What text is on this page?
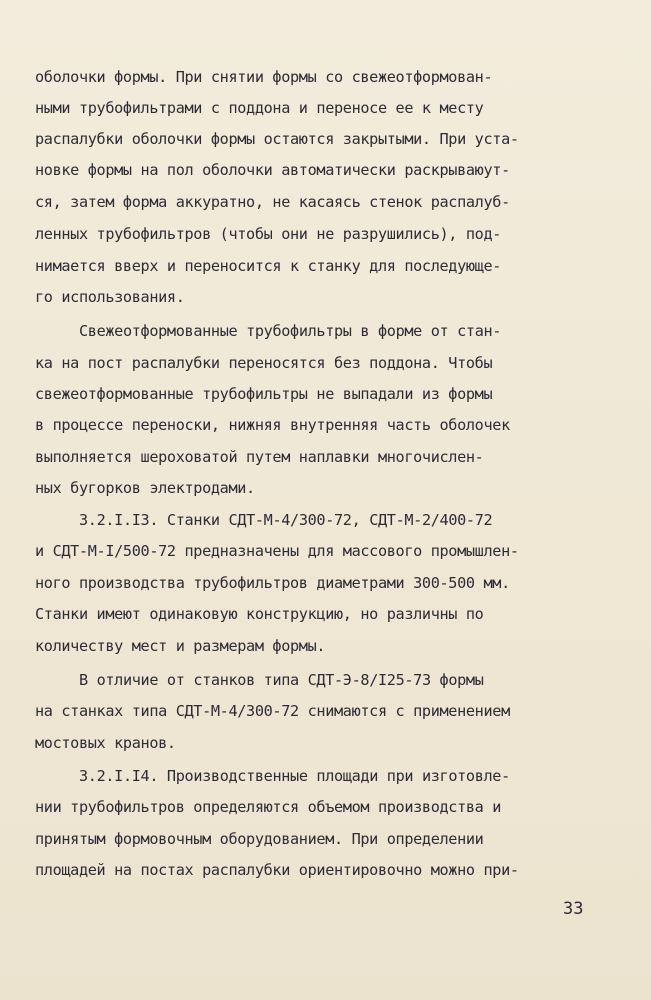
оболочки формы. При снятии формы со свежеотформован-
ными трубофильтрами с поддона и переносе ее к месту
распалубки оболочки формы остаются закрытыми. При уста-
новке формы на пол оболочки автоматически раскрываюут-
ся, затем форма аккуратно, не касаясь стенок распалуб-
ленных трубофильтров (чтобы они не разрушились), под-
нимается вверх и переносится к станку для последующе-
го использования.
Свежеотформованные трубофильтры в форме от стан-
ка на пост распалубки переносятся без поддона. Чтобы
свежеотформованные трубофильтры не выпадали из формы
в процессе переноски, нижняя внутренняя часть оболочек
выполняется шероховатой путем наплавки многочислен-
ных бугорков электродами.
3.2.I.I3. Станки СДТ-М-4/300-72, СДТ-М-2/400-72
и СДТ-М-I/500-72 предназначены для массового промышлен-
ного производства трубофильтров диаметрами 300-500 мм.
Станки имеют одинаковую конструкцию, но различны по
количеству мест и размерам формы.
В отличие от станков типа СДТ-Э-8/I25-73 формы
на станках типа СДТ-М-4/300-72 снимаются с применением
мостовых кранов.
3.2.I.I4. Производственные площади при изготовле-
нии трубофильтров определяются объемом производства и
принятым формовочным оборудованием. При определении
площадей на постах распалубки ориентировочно можно при-
33
